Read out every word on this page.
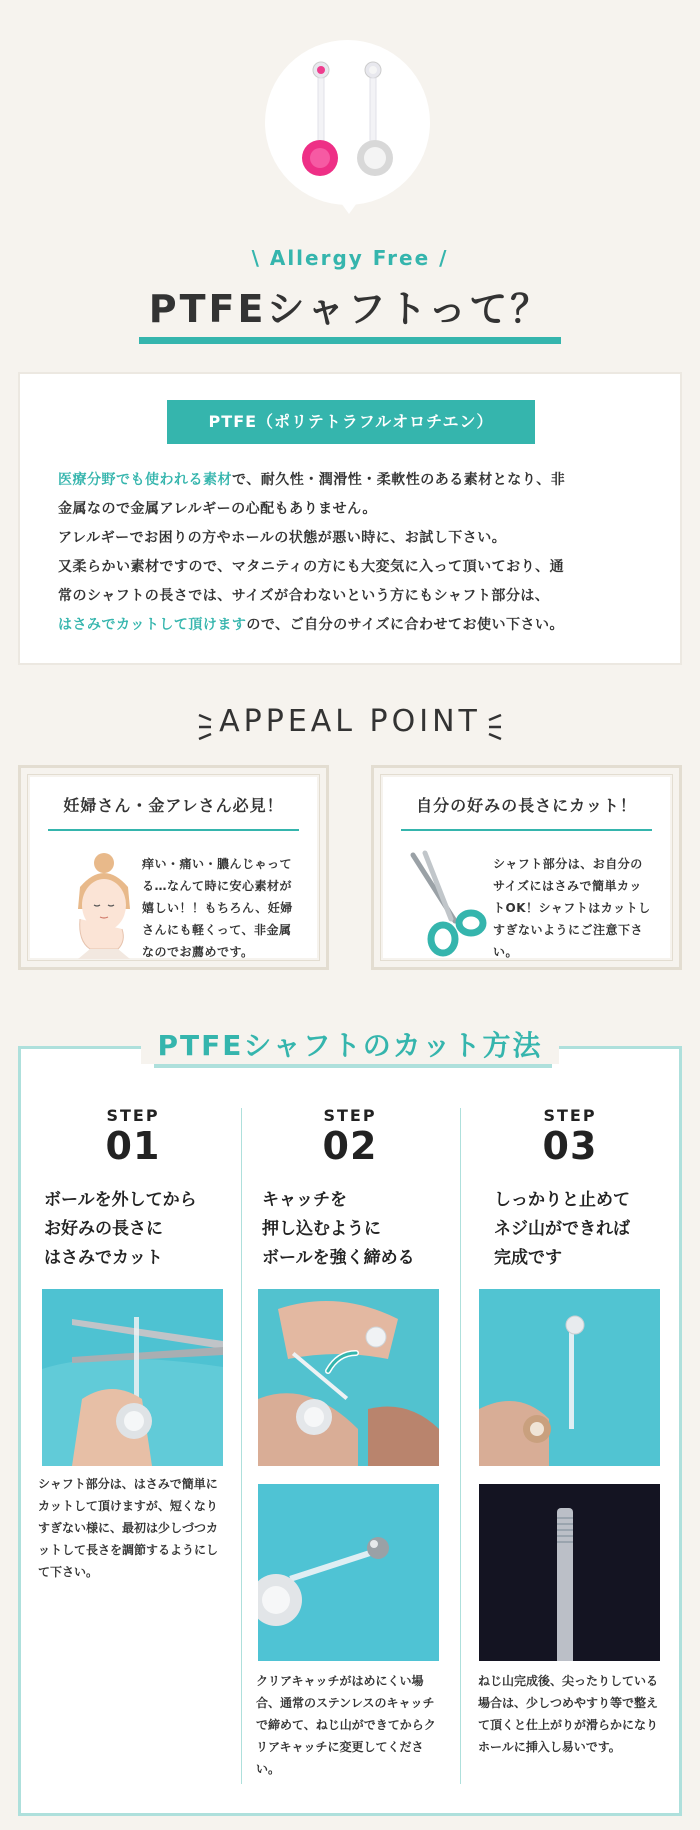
\ Allergy Free /
PTFEシャフトって？
PTFE（ポリテトラフルオロチエン）

医療分野でも使われる素材で、耐久性・潤滑性・柔軟性のある素材となり、非

金属なので金属アレルギーの心配もありません。

アレルギーでお困りの方やホールの状態が悪い時に、お試し下さい。

又柔らかい素材ですので、マタニティの方にも大変気に入って頂いており、通

常のシャフトの長さでは、サイズが合わないという方にもシャフト部分は、

はさみでカットして頂けますので、ご自分のサイズに合わせてお使い下さい。

APPEAL POINT
妊婦さん・金アレさん必見！
痒い・痛い・膿んじゃってる…なんて時に安心素材が嬉しい！！もちろん、妊婦さんにも軽くって、非金属なのでお薦めです。
自分の好みの長さにカット！
シャフト部分は、お自分のサイズにはさみで簡単カットOK！シャフトはカットしすぎないようにご注意下さい。
PTFEシャフトのカット方法
STEP
01
ボールを外してから
お好みの長さに
はさみでカット
シャフト部分は、はさみで簡単にカットして頂けますが、短くなりすぎない様に、最初は少しづつカットして長さを調節するようにして下さい。
STEP
02
キャッチを
押し込むように
ボールを強く締める
クリアキャッチがはめにくい場合、通常のステンレスのキャッチで締めて、ねじ山ができてからクリアキャッチに変更してください。
STEP
03
しっかりと止めて
ネジ山ができれば
完成です
ねじ山完成後、尖ったりしている場合は、少しつめやすり等で整えて頂くと仕上がりが滑らかになりホールに挿入し易いです。
